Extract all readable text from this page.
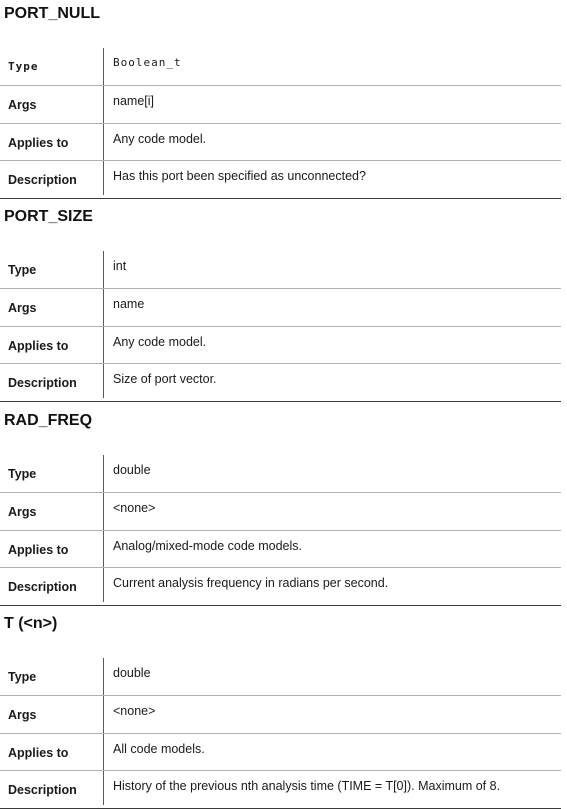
PORT_NULL
Type	Boolean_t
Args	name[i]
Applies to	Any code model.
Description	Has this port been specified as unconnected?
PORT_SIZE
Type	int
Args	name
Applies to	Any code model.
Description	Size of port vector.
RAD_FREQ
Type	double
Args	<none>
Applies to	Analog/mixed-mode code models.
Description	Current analysis frequency in radians per second.
T (<n>)
Type	double
Args	<none>
Applies to	All code models.
Description	History of the previous nth analysis time (TIME = T[0]). Maximum of 8.
